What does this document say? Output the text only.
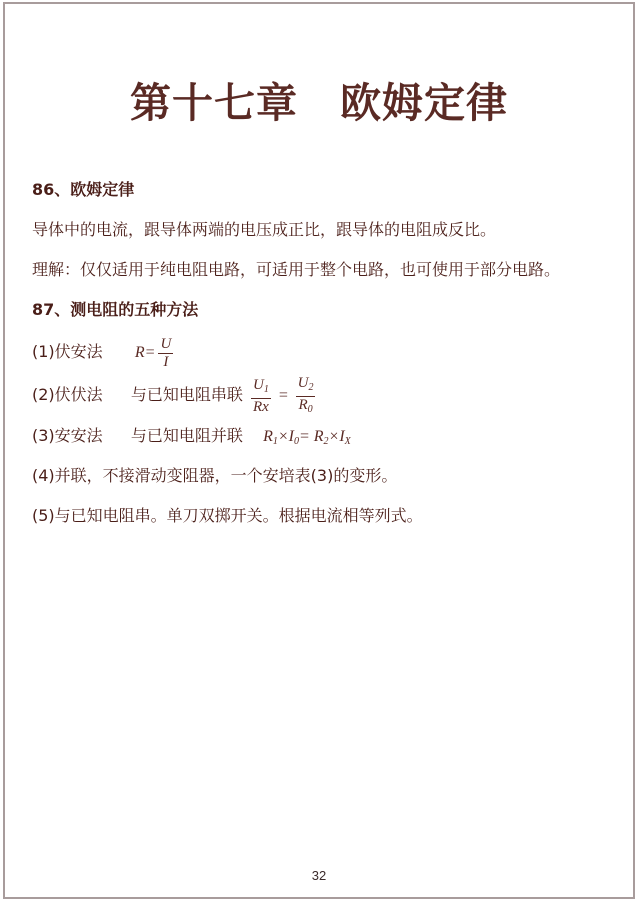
第十七章　欧姆定律
86、欧姆定律
导体中的电流，跟导体两端的电压成正比，跟导体的电阻成反比。
理解：仅仅适用于纯电阻电路，可适用于整个电路，也可使用于部分电路。
87、测电阻的五种方法
(1)伏安法 $R= \frac{U}{I}$
(2)伏伏法 与已知电阻串联 $\frac{U_1}{Rx} = \frac{U_2}{R_0}$
(3)安安法 与已知电阻并联 $R_1\times I_0= R_2\times I_X$
(4)并联，不接滑动变阻器，一个安培表(3)的变形。
(5)与已知电阻串。单刀双掷开关。根据电流相等列式。
32
